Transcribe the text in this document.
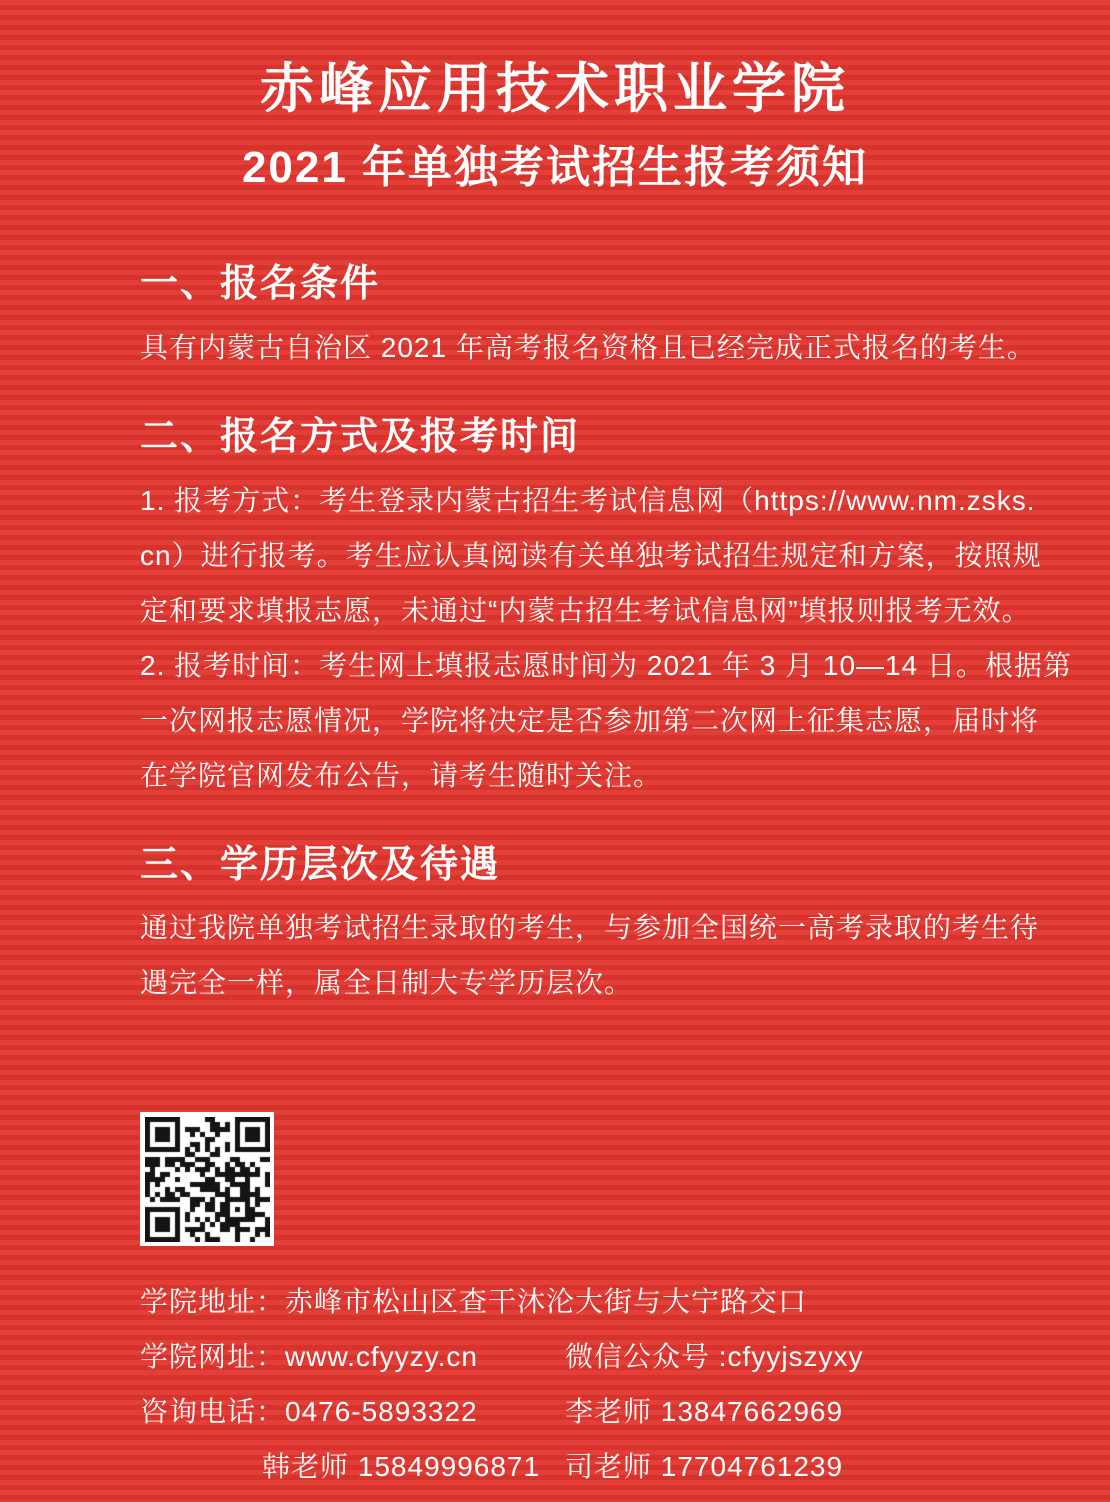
赤峰应用技术职业学院
2021 年单独考试招生报考须知
一、报名条件

具有内蒙古自治区 2021 年高考报名资格且已经完成正式报名的考生。

二、报名方式及报考时间

1. 报考方式：考生登录内蒙古招生考试信息网（https://www.nm.zsks.

cn）进行报考。考生应认真阅读有关单独考试招生规定和方案，按照规

定和要求填报志愿，未通过“内蒙古招生考试信息网”填报则报考无效。

2. 报考时间：考生网上填报志愿时间为 2021 年 3 月 10—14 日。根据第

一次网报志愿情况，学院将决定是否参加第二次网上征集志愿，届时将

在学院官网发布公告，请考生随时关注。

三、学历层次及待遇

通过我院单独考试招生录取的考生，与参加全国统一高考录取的考生待

遇完全一样，属全日制大专学历层次。

学院地址：赤峰市松山区查干沐沦大街与大宁路交口
学院网址：www.cfyyzy.cn	微信公众号 :cfyyjszyxy
咨询电话：0476-5893322	李老师 13847662969
韩老师 15849996871 司老师 17704761239
